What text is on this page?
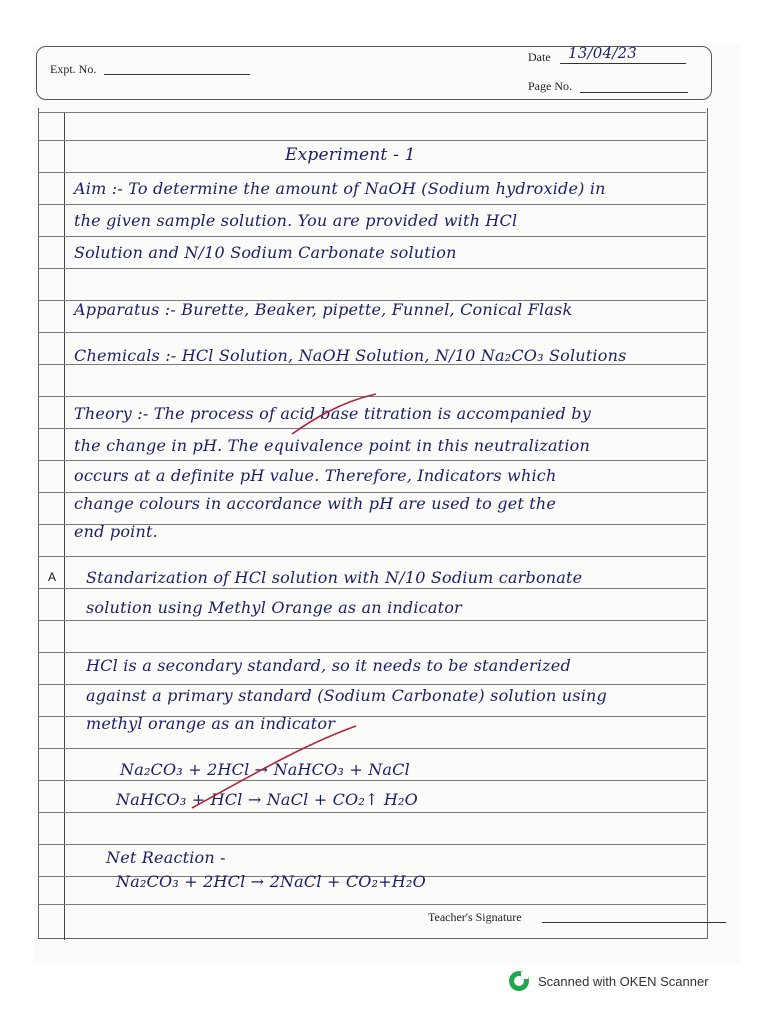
Expt. No.
Date 13/04/23
Page No.
Experiment - 1
Aim :- To determine the amount of NaOH (Sodium hydroxide) in
the given sample solution. You are provided with HCl
Solution and N/10 Sodium Carbonate solution
Apparatus :- Burette, Beaker, pipette, Funnel, Conical Flask
Chemicals :- HCl Solution, NaOH Solution, N/10 Na₂CO₃ Solutions
Theory :- The process of acid base titration is accompanied by
the change in pH. The equivalence point in this neutralization
occurs at a definite pH value. Therefore, Indicators which
change colours in accordance with pH are used to get the
end point.
A Standarization of HCl solution with N/10 Sodium carbonate
solution using Methyl Orange as an indicator
HCl is a secondary standard, so it needs to be standerized
against a primary standard (Sodium Carbonate) solution using
methyl orange as an indicator
Na₂CO₃ + 2HCl → NaHCO₃ + NaCl
NaHCO₃ + HCl → NaCl + CO₂↑ H₂O
Net Reaction -
Na₂CO₃ + 2HCl → 2NaCl + CO₂+H₂O
Teacher's Signature
Scanned with OKEN Scanner
